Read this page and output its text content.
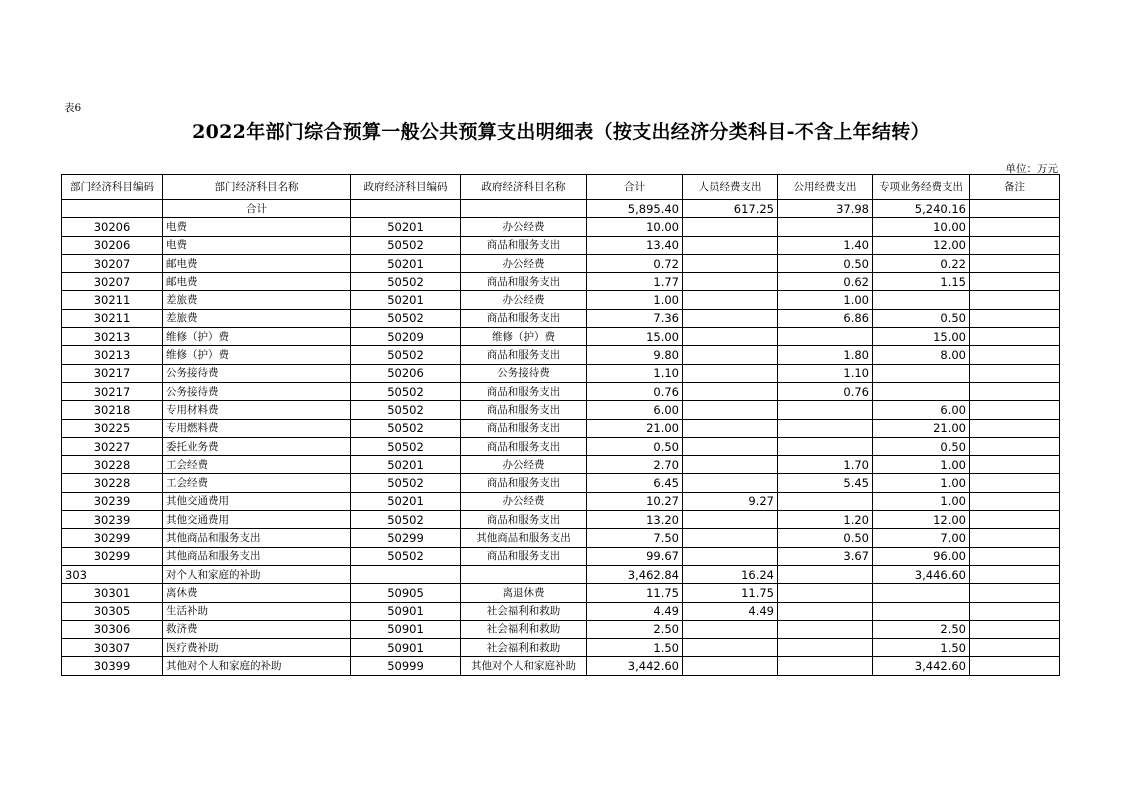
表6
2022年部门综合预算一般公共预算支出明细表（按支出经济分类科目-不含上年结转）
单位：万元
部门经济科目编码	部门经济科目名称	政府经济科目编码	政府经济科目名称	合计	人员经费支出	公用经费支出	专项业务经费支出	备注
	合计			5,895.40	617.25	37.98	5,240.16	
30206	电费	50201	办公经费	10.00			10.00	
30206	电费	50502	商品和服务支出	13.40		1.40	12.00	
30207	邮电费	50201	办公经费	0.72		0.50	0.22	
30207	邮电费	50502	商品和服务支出	1.77		0.62	1.15	
30211	差旅费	50201	办公经费	1.00		1.00		
30211	差旅费	50502	商品和服务支出	7.36		6.86	0.50	
30213	维修（护）费	50209	维修（护）费	15.00			15.00	
30213	维修（护）费	50502	商品和服务支出	9.80		1.80	8.00	
30217	公务接待费	50206	公务接待费	1.10		1.10		
30217	公务接待费	50502	商品和服务支出	0.76		0.76		
30218	专用材料费	50502	商品和服务支出	6.00			6.00	
30225	专用燃料费	50502	商品和服务支出	21.00			21.00	
30227	委托业务费	50502	商品和服务支出	0.50			0.50	
30228	工会经费	50201	办公经费	2.70		1.70	1.00	
30228	工会经费	50502	商品和服务支出	6.45		5.45	1.00	
30239	其他交通费用	50201	办公经费	10.27	9.27		1.00	
30239	其他交通费用	50502	商品和服务支出	13.20		1.20	12.00	
30299	其他商品和服务支出	50299	其他商品和服务支出	7.50		0.50	7.00	
30299	其他商品和服务支出	50502	商品和服务支出	99.67		3.67	96.00	
303	对个人和家庭的补助			3,462.84	16.24		3,446.60	
30301	离休费	50905	离退休费	11.75	11.75			
30305	生活补助	50901	社会福利和救助	4.49	4.49			
30306	救济费	50901	社会福利和救助	2.50			2.50	
30307	医疗费补助	50901	社会福利和救助	1.50			1.50	
30399	其他对个人和家庭的补助	50999	其他对个人和家庭补助	3,442.60			3,442.60	
